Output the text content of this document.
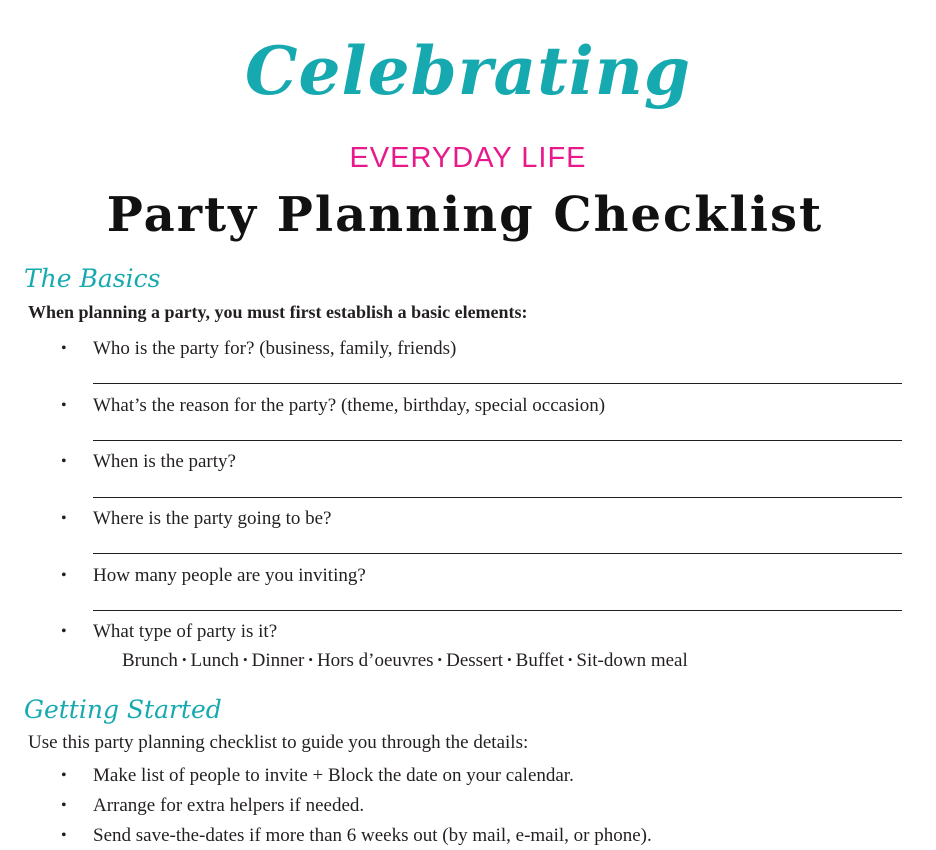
Celebrating
EVERYDAY LIFE
Party Planning Checklist
The Basics
When planning a party, you must first establish a basic elements:
• Who is the party for? (business, family, friends)
• What’s the reason for the party? (theme, birthday, special occasion)
• When is the party?
• Where is the party going to be?
• How many people are you inviting?
• What type of party is it?
Brunch • Lunch • Dinner • Hors d’oeuvres • Dessert • Buffet • Sit-down meal
Getting Started
Use this party planning checklist to guide you through the details:
• Make list of people to invite + Block the date on your calendar.
• Arrange for extra helpers if needed.
• Send save-the-dates if more than 6 weeks out (by mail, e-mail, or phone).
